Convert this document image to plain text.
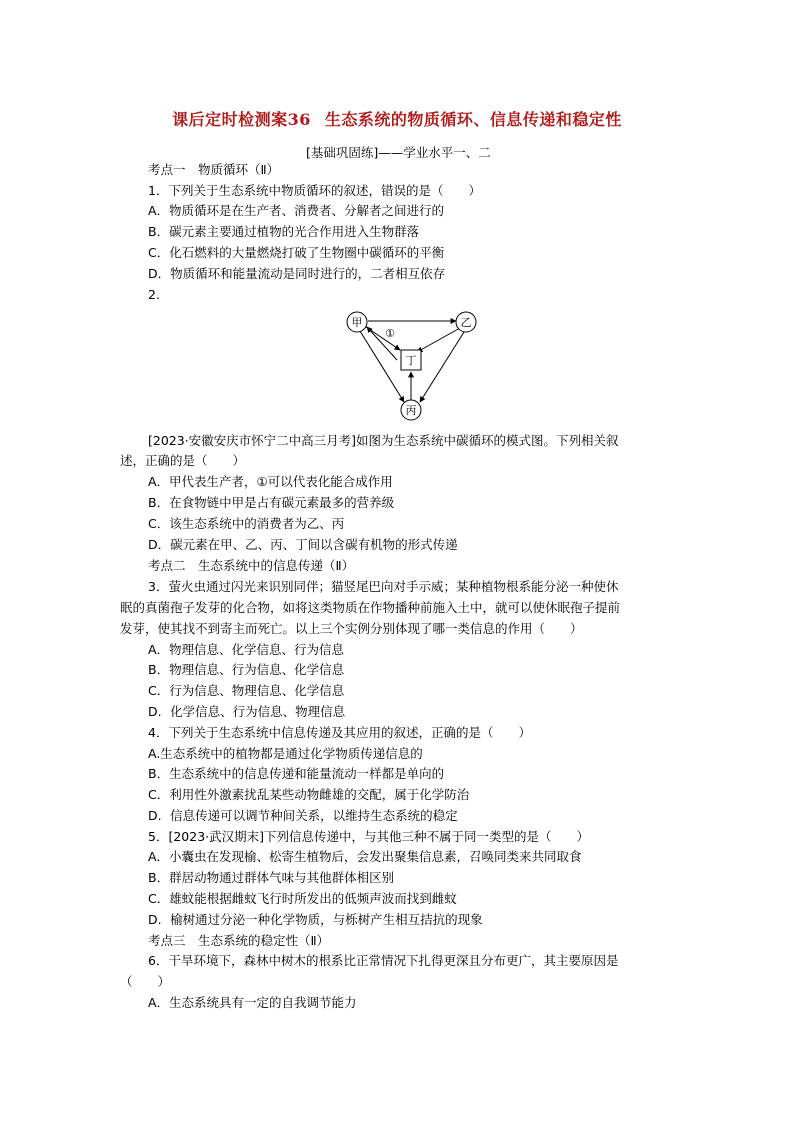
课后定时检测案36 生态系统的物质循环、信息传递和稳定性
[基础巩固练]——学业水平一、二
考点一　物质循环（Ⅱ）
1．下列关于生态系统中物质循环的叙述，错误的是（　　）
A．物质循环是在生产者、消费者、分解者之间进行的
B．碳元素主要通过植物的光合作用进入生物群落
C．化石燃料的大量燃烧打破了生物圈中碳循环的平衡
D．物质循环和能量流动是同时进行的，二者相互依存
2.
甲	乙
丙
丁
①
[2023·安徽安庆市怀宁二中高三月考]如图为生态系统中碳循环的模式图。下列相关叙
述，正确的是（　　）
A．甲代表生产者，①可以代表化能合成作用
B．在食物链中甲是占有碳元素最多的营养级
C．该生态系统中的消费者为乙、丙
D．碳元素在甲、乙、丙、丁间以含碳有机物的形式传递
考点二　生态系统中的信息传递（Ⅱ）
3．萤火虫通过闪光来识别同伴；猫竖尾巴向对手示威；某种植物根系能分泌一种使休
眠的真菌孢子发芽的化合物，如将这类物质在作物播种前施入土中，就可以使休眠孢子提前
发芽，使其找不到寄主而死亡。以上三个实例分别体现了哪一类信息的作用（　　）
A．物理信息、化学信息、行为信息
B．物理信息、行为信息、化学信息
C．行为信息、物理信息、化学信息
D．化学信息、行为信息、物理信息
4．下列关于生态系统中信息传递及其应用的叙述，正确的是（　　）
A.生态系统中的植物都是通过化学物质传递信息的
B．生态系统中的信息传递和能量流动一样都是单向的
C．利用性外激素扰乱某些动物雌雄的交配，属于化学防治
D．信息传递可以调节种间关系，以维持生态系统的稳定
5．[2023·武汉期末]下列信息传递中，与其他三种不属于同一类型的是（　　）
A．小囊虫在发现榆、松寄生植物后，会发出聚集信息素，召唤同类来共同取食
B．群居动物通过群体气味与其他群体相区别
C．雄蚊能根据雌蚊飞行时所发出的低频声波而找到雌蚊
D．榆树通过分泌一种化学物质，与栎树产生相互拮抗的现象
考点三　生态系统的稳定性（Ⅱ）
6．干旱环境下，森林中树木的根系比正常情况下扎得更深且分布更广，其主要原因是
（　　）
A．生态系统具有一定的自我调节能力
